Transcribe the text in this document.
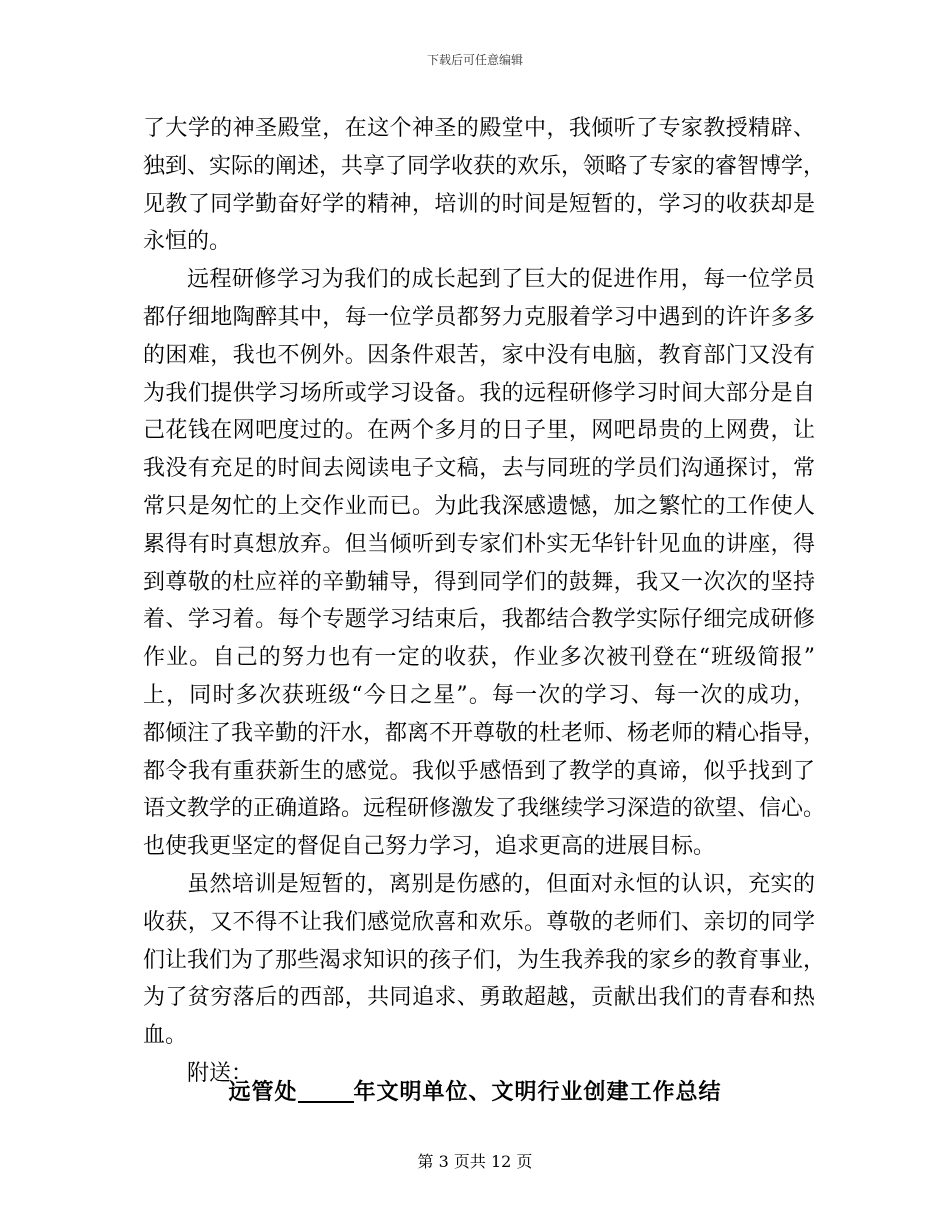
下载后可任意编辑
了大学的神圣殿堂，在这个神圣的殿堂中，我倾听了专家教授精辟、
独到、实际的阐述，共享了同学收获的欢乐，领略了专家的睿智博学，
见教了同学勤奋好学的精神，培训的时间是短暂的，学习的收获却是
永恒的。
远程研修学习为我们的成长起到了巨大的促进作用，每一位学员
都仔细地陶醉其中，每一位学员都努力克服着学习中遇到的许许多多
的困难，我也不例外。因条件艰苦，家中没有电脑，教育部门又没有
为我们提供学习场所或学习设备。我的远程研修学习时间大部分是自
己花钱在网吧度过的。在两个多月的日子里，网吧昂贵的上网费，让
我没有充足的时间去阅读电子文稿，去与同班的学员们沟通探讨，常
常只是匆忙的上交作业而已。为此我深感遗憾，加之繁忙的工作使人
累得有时真想放弃。但当倾听到专家们朴实无华针针见血的讲座，得
到尊敬的杜应祥的辛勤辅导，得到同学们的鼓舞，我又一次次的坚持
着、学习着。每个专题学习结束后，我都结合教学实际仔细完成研修
作业。自己的努力也有一定的收获，作业多次被刊登在“班级简报”
上，同时多次获班级“今日之星”。每一次的学习、每一次的成功，
都倾注了我辛勤的汗水，都离不开尊敬的杜老师、杨老师的精心指导，
都令我有重获新生的感觉。我似乎感悟到了教学的真谛，似乎找到了
语文教学的正确道路。远程研修激发了我继续学习深造的欲望、信心。
也使我更坚定的督促自己努力学习，追求更高的进展目标。
虽然培训是短暂的，离别是伤感的，但面对永恒的认识，充实的
收获，又不得不让我们感觉欣喜和欢乐。尊敬的老师们、亲切的同学
们让我们为了那些渴求知识的孩子们，为生我养我的家乡的教育事业，
为了贫穷落后的西部，共同追求、勇敢超越，贡献出我们的青春和热
血。
附送：
远管处	年文明单位、文明行业创建工作总结
第 3 页共 12 页
